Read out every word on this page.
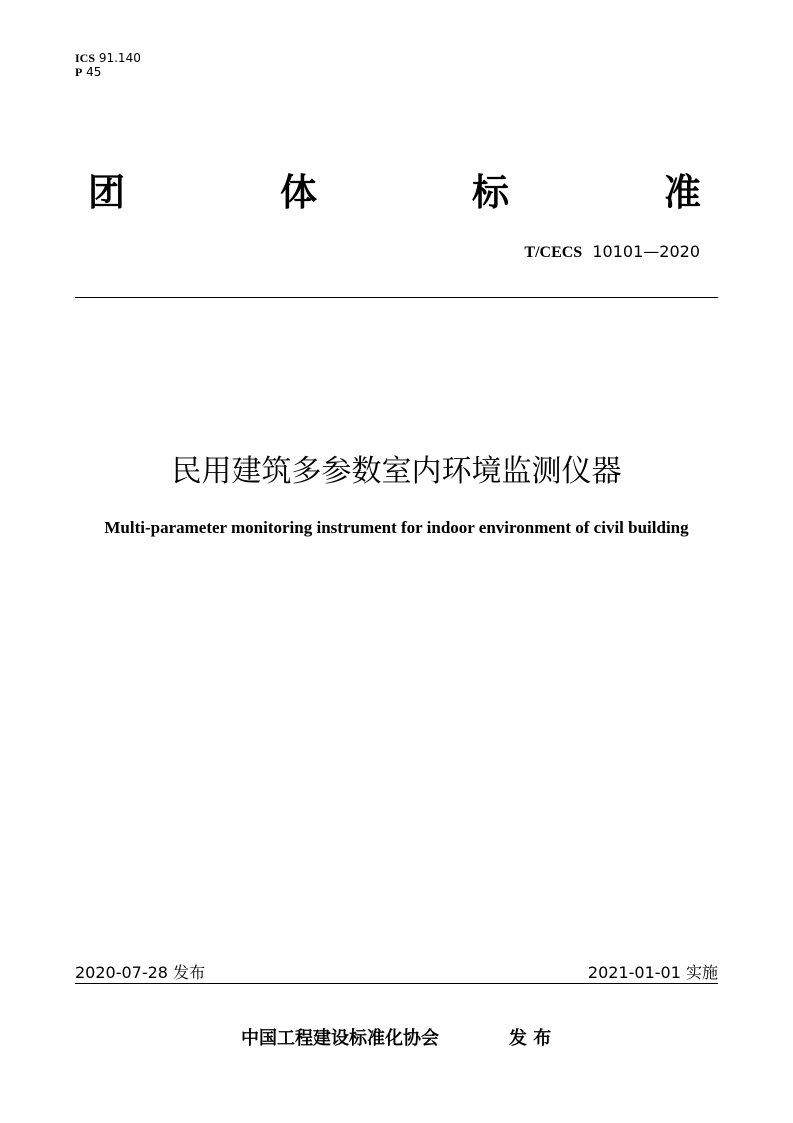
ICS 91.140
P 45
团	体	标	准
T/CECS 10101—2020
民用建筑多参数室内环境监测仪器
Multi-parameter monitoring instrument for indoor environment of civil building
2020-07-28 发布	2021-01-01 实施
中国工程建设标准化协会	发 布
